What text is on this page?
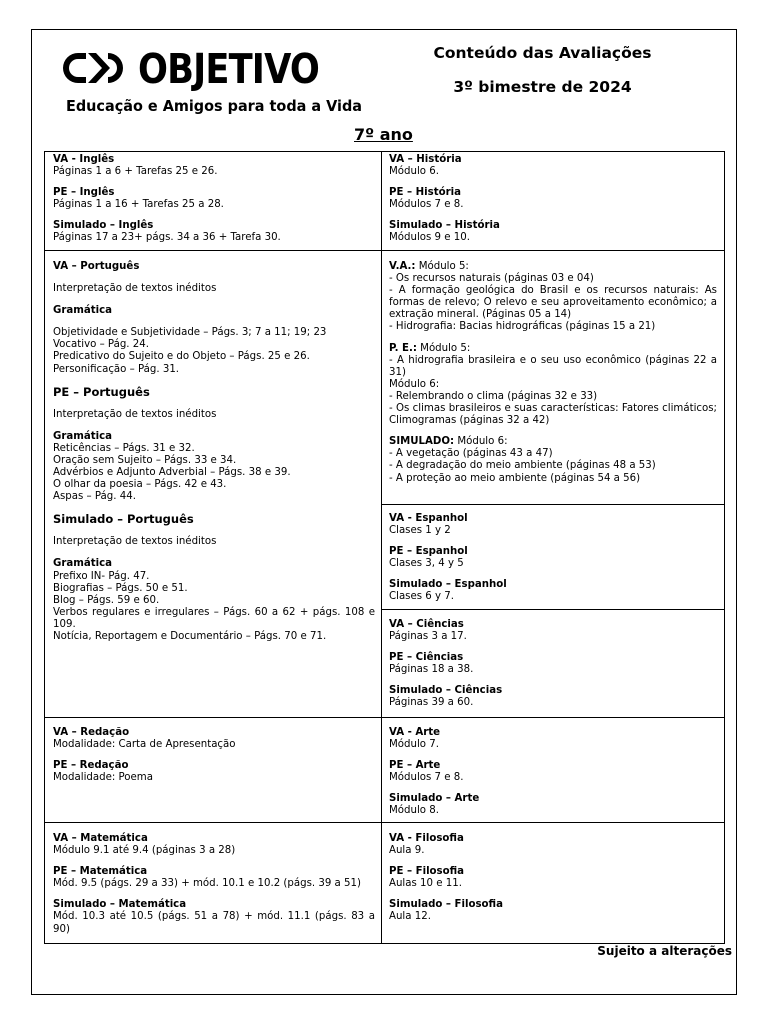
OBJETIVO
Educação e Amigos para toda a Vida
Conteúdo das Avaliações
3º bimestre de 2024
7º ano

VA - Inglês

Páginas 1 a 6 + Tarefas 25 e 26.

PE – Inglês

Páginas 1 a 16 + Tarefas 25 a 28.

Simulado – Inglês

Páginas 17 a 23+ págs. 34 a 36 + Tarefa 30.

VA – História

Módulo 6.

PE – História

Módulos 7 e 8.

Simulado – História

Módulos 9 e 10.

VA – Português

Interpretação de textos inéditos

Gramática

Objetividade e Subjetividade – Págs. 3; 7 a 11; 19; 23

Vocativo – Pág. 24.

Predicativo do Sujeito e do Objeto – Págs. 25 e 26.

Personificação – Pág. 31.

PE – Português

Interpretação de textos inéditos

Gramática

Reticências – Págs. 31 e 32.

Oração sem Sujeito – Págs. 33 e 34.

Advérbios e Adjunto Adverbial – Págs. 38 e 39.

O olhar da poesia – Págs. 42 e 43.

Aspas – Pág. 44.

Simulado – Português

Interpretação de textos inéditos

Gramática

Prefixo IN- Pág. 47.

Biografias – Págs. 50 e 51.

Blog – Págs. 59 e 60.

Verbos regulares e irregulares – Págs. 60 a 62 + págs. 108 e 109.

Notícia, Reportagem e Documentário – Págs. 70 e 71.

V.A.: Módulo 5:

- Os recursos naturais (páginas 03 e 04)

- A formação geológica do Brasil e os recursos naturais: As formas de relevo; O relevo e seu aproveitamento econômico; a extração mineral. (Páginas 05 a 14)

- Hidrografia: Bacias hidrográficas (páginas 15 a 21)

P. E.: Módulo 5:

- A hidrografia brasileira e o seu uso econômico (páginas 22 a 31)

Módulo 6:

- Relembrando o clima (páginas 32 e 33)

- Os climas brasileiros e suas características: Fatores climáticos; Climogramas (páginas 32 a 42)

SIMULADO: Módulo 6:

- A vegetação (páginas 43 a 47)

- A degradação do meio ambiente (páginas 48 a 53)

- A proteção ao meio ambiente (páginas 54 a 56)

VA - Espanhol

Clases 1 y 2

PE – Espanhol

Clases 3, 4 y 5

Simulado – Espanhol

Clases 6 y 7.

VA – Ciências

Páginas 3 a 17.

PE – Ciências

Páginas 18 a 38.

Simulado – Ciências

Páginas 39 a 60.

VA – Redação

Modalidade: Carta de Apresentação

PE – Redação

Modalidade: Poema

VA - Arte

Módulo 7.

PE – Arte

Módulos 7 e 8.

Simulado – Arte

Módulo 8.

VA – Matemática

Módulo 9.1 até 9.4 (páginas 3 a 28)

PE – Matemática

Mód. 9.5 (págs. 29 a 33) + mód. 10.1 e 10.2 (págs. 39 a 51)

Simulado – Matemática

Mód. 10.3 até 10.5 (págs. 51 a 78) + mód. 11.1 (págs. 83 a 90)

VA - Filosofia

Aula 9.

PE – Filosofia

Aulas 10 e 11.

Simulado – Filosofia

Aula 12.

Sujeito a alterações
